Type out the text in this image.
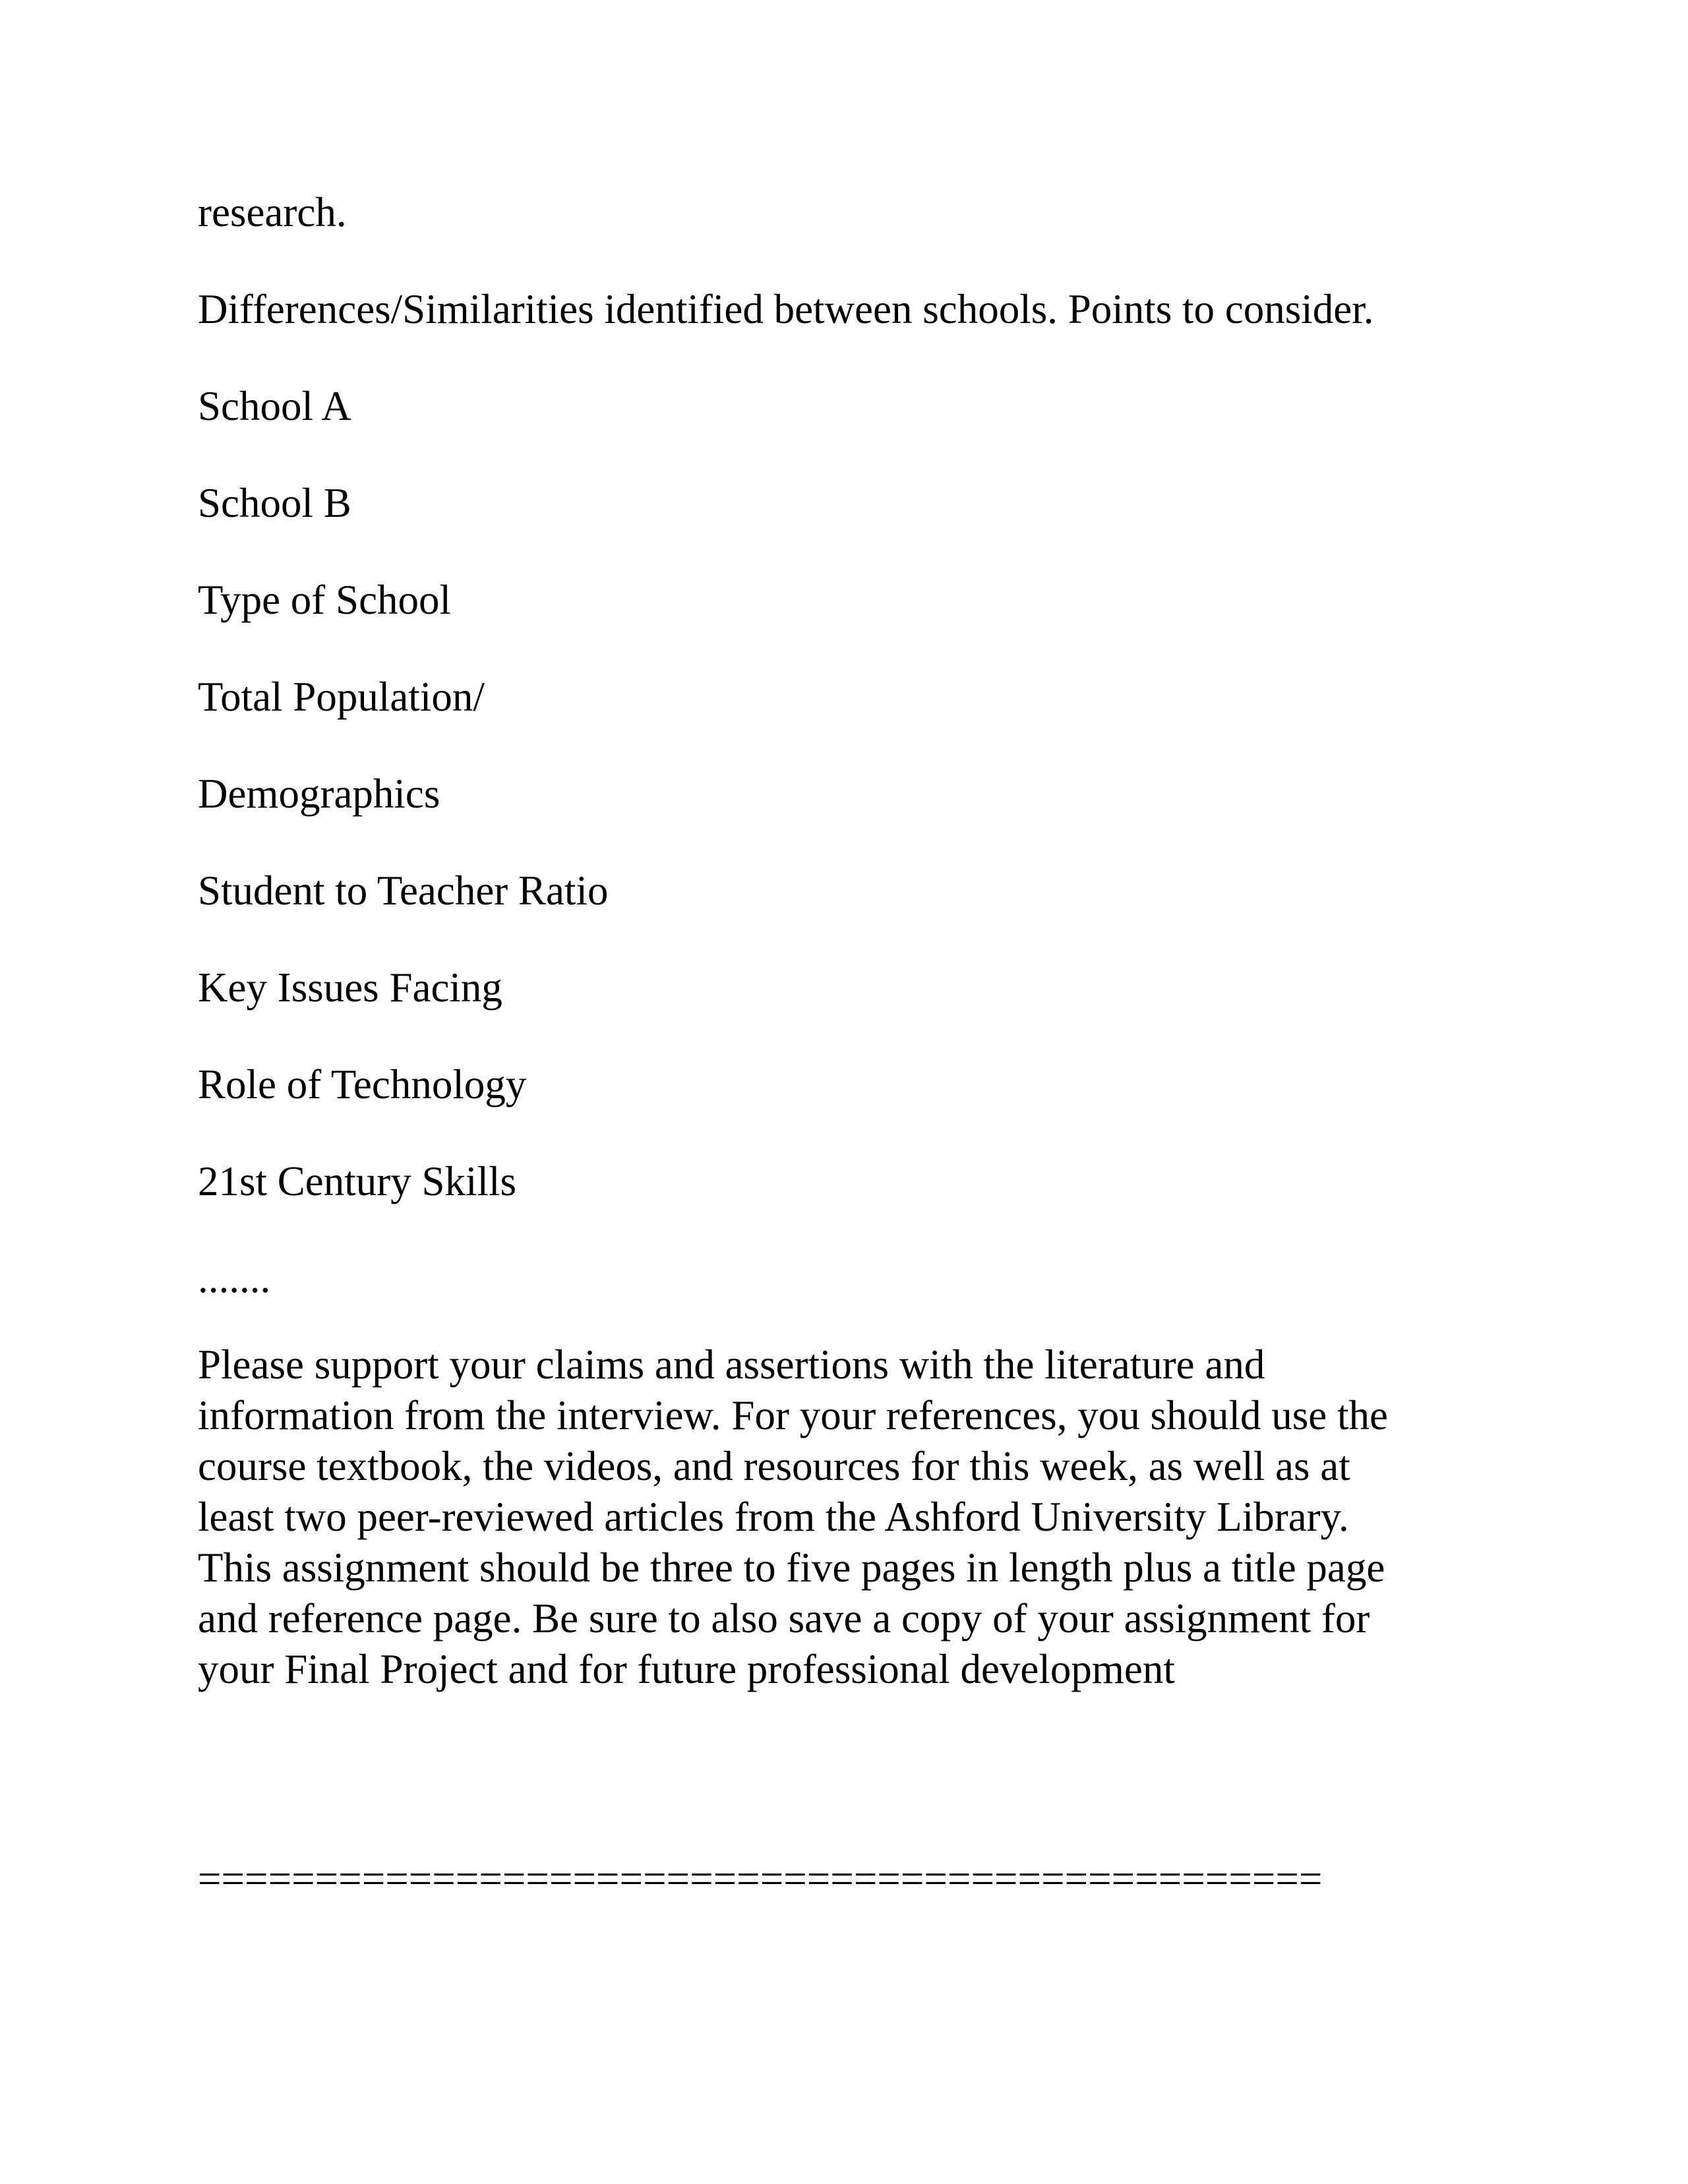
research.

Differences/Similarities identified between schools. Points to consider.

School A

School B

Type of School

Total Population/

Demographics

Student to Teacher Ratio

Key Issues Facing

Role of Technology

21st Century Skills

.......

Please support your claims and assertions with the literature and
information from the interview. For your references, you should use the
course textbook, the videos, and resources for this week, as well as at
least two peer-reviewed articles from the Ashford University Library.
This assignment should be three to five pages in length plus a title page
and reference page. Be sure to also save a copy of your assignment for
your Final Project and for future professional development

================================================
